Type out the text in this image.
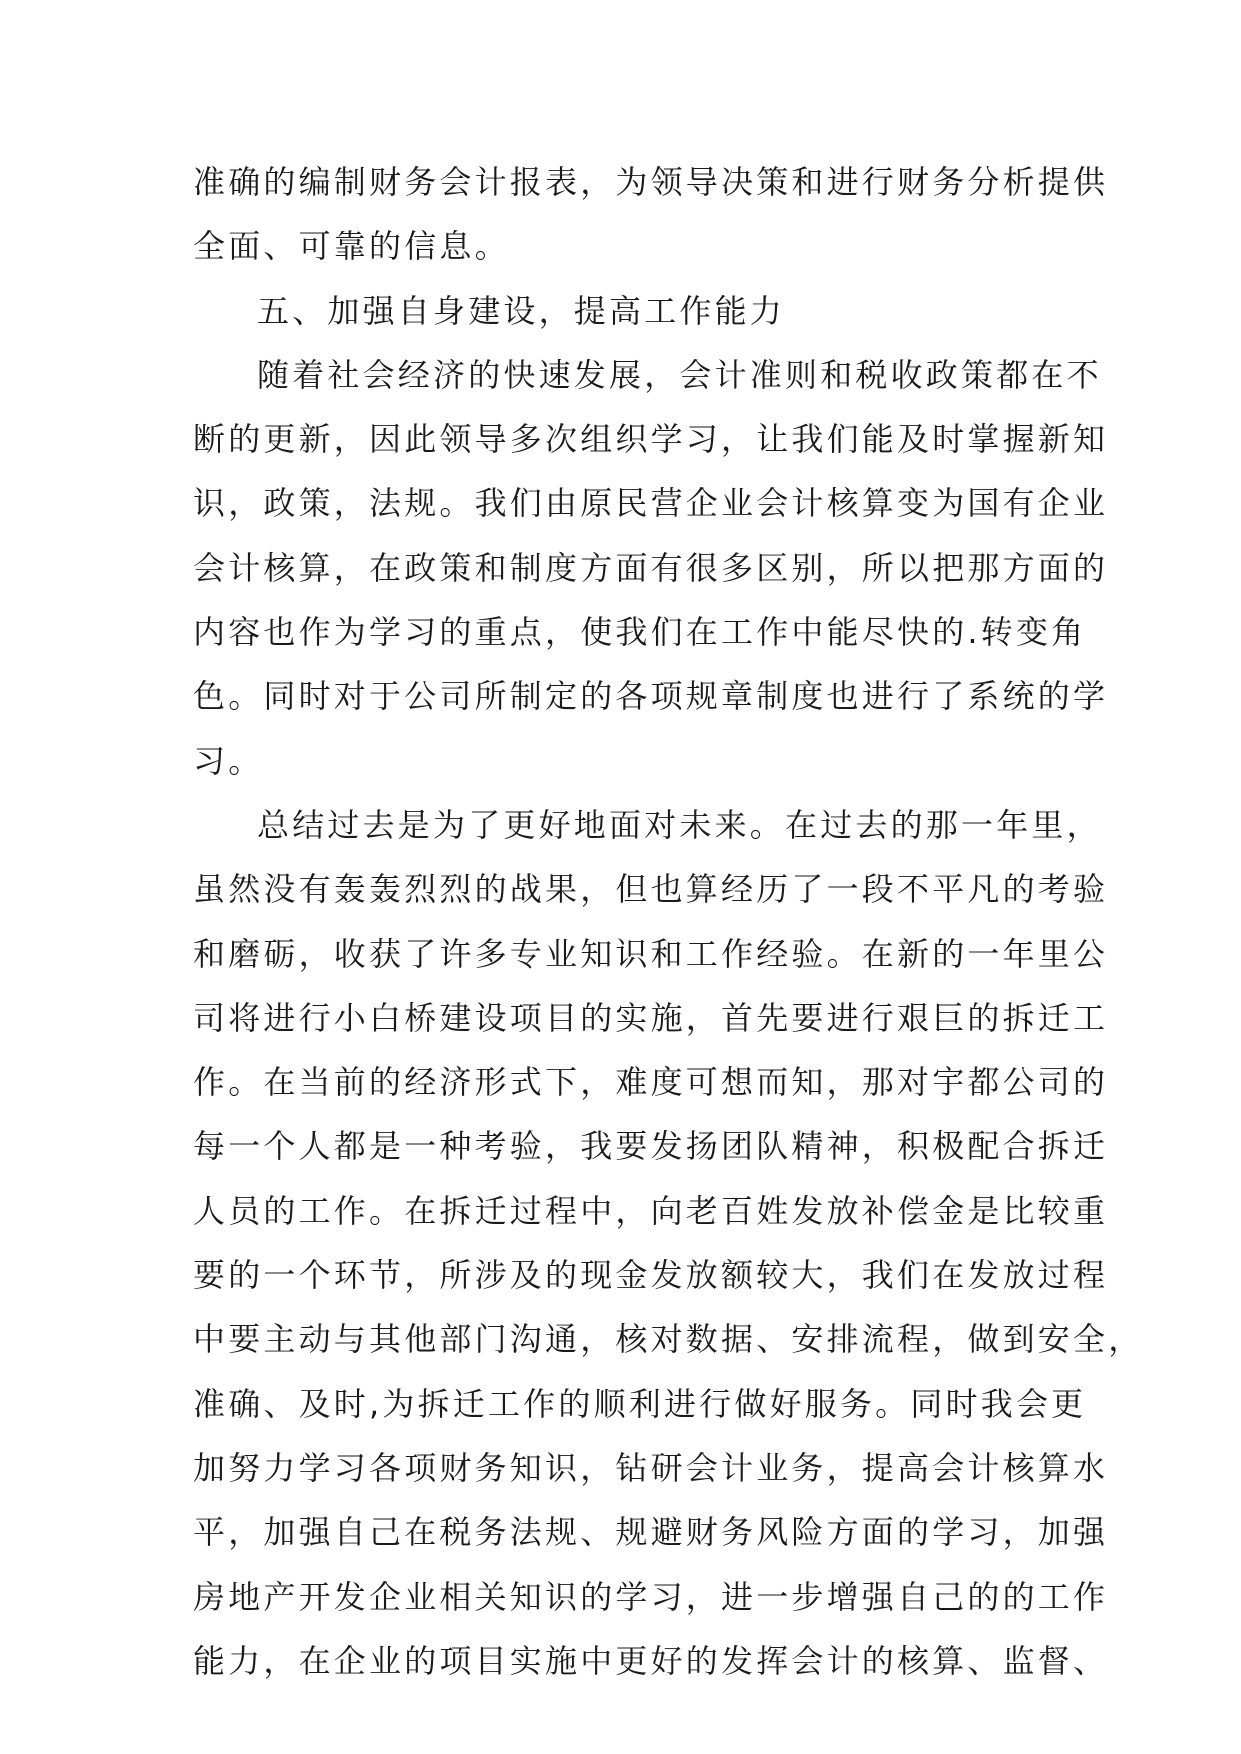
准确的编制财务会计报表，为领导决策和进行财务分析提供
全面、可靠的信息。
五、加强自身建设，提高工作能力
随着社会经济的快速发展，会计准则和税收政策都在不
断的更新，因此领导多次组织学习，让我们能及时掌握新知
识，政策，法规。我们由原民营企业会计核算变为国有企业
会计核算，在政策和制度方面有很多区别，所以把那方面的
内容也作为学习的重点，使我们在工作中能尽快的.转变角
色。同时对于公司所制定的各项规章制度也进行了系统的学
习。
总结过去是为了更好地面对未来。在过去的那一年里，
虽然没有轰轰烈烈的战果，但也算经历了一段不平凡的考验
和磨砺，收获了许多专业知识和工作经验。在新的一年里公
司将进行小白桥建设项目的实施，首先要进行艰巨的拆迁工
作。在当前的经济形式下，难度可想而知，那对宇都公司的
每一个人都是一种考验，我要发扬团队精神，积极配合拆迁
人员的工作。在拆迁过程中，向老百姓发放补偿金是比较重
要的一个环节，所涉及的现金发放额较大，我们在发放过程
中要主动与其他部门沟通，核对数据、安排流程，做到安全，
准确、及时,为拆迁工作的顺利进行做好服务。同时我会更
加努力学习各项财务知识，钻研会计业务，提高会计核算水
平，加强自己在税务法规、规避财务风险方面的学习，加强
房地产开发企业相关知识的学习，进一步增强自己的的工作
能力，在企业的项目实施中更好的发挥会计的核算、监督、
